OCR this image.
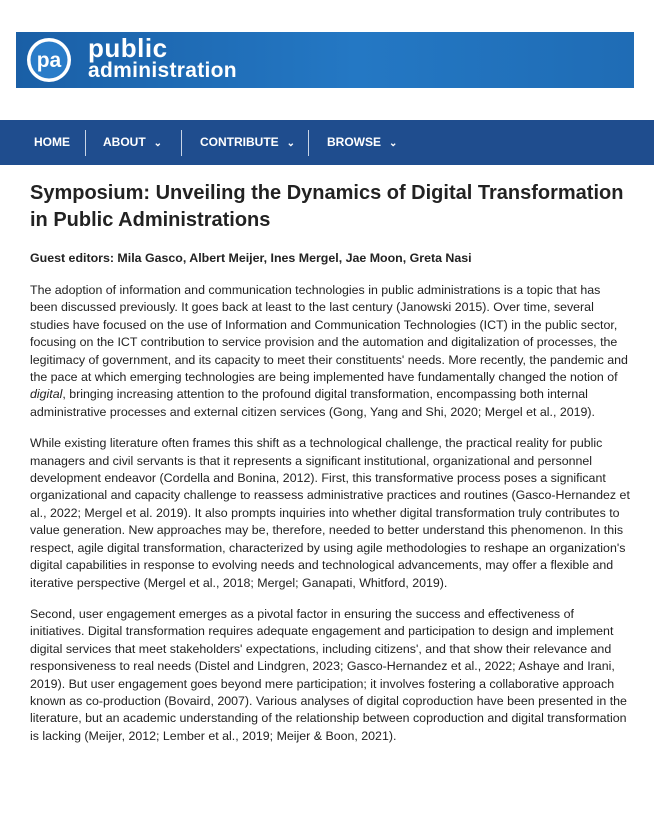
pa public
administration
HOME	ABOUT ⌄	CONTRIBUTE ⌄	BROWSE ⌄
Symposium: Unveiling the Dynamics of Digital Transformation in Public Administrations
Guest editors: Mila Gasco, Albert Meijer, Ines Mergel, Jae Moon, Greta Nasi

The adoption of information and communication technologies in public administrations is a topic that has been discussed previously. It goes back at least to the last century (Janowski 2015). Over time, several studies have focused on the use of Information and Communication Technologies (ICT) in the public sector, focusing on the ICT contribution to service provision and the automation and digitalization of processes, the legitimacy of government, and its capacity to meet their constituents' needs. More recently, the pandemic and the pace at which emerging technologies are being implemented have fundamentally changed the notion of digital, bringing increasing attention to the profound digital transformation, encompassing both internal administrative processes and external citizen services (Gong, Yang and Shi, 2020; Mergel et al., 2019).

While existing literature often frames this shift as a technological challenge, the practical reality for public managers and civil servants is that it represents a significant institutional, organizational and personnel development endeavor (Cordella and Bonina, 2012). First, this transformative process poses a significant organizational and capacity challenge to reassess administrative practices and routines (Gasco-Hernandez et al., 2022; Mergel et al. 2019). It also prompts inquiries into whether digital transformation truly contributes to value generation. New approaches may be, therefore, needed to better understand this phenomenon. In this respect, agile digital transformation, characterized by using agile methodologies to reshape an organization's digital capabilities in response to evolving needs and technological advancements, may offer a flexible and iterative perspective (Mergel et al., 2018; Mergel; Ganapati, Whitford, 2019).

Second, user engagement emerges as a pivotal factor in ensuring the success and effectiveness of initiatives. Digital transformation requires adequate engagement and participation to design and implement digital services that meet stakeholders' expectations, including citizens', and that show their relevance and responsiveness to real needs (Distel and Lindgren, 2023; Gasco-Hernandez et al., 2022; Ashaye and Irani, 2019). But user engagement goes beyond mere participation; it involves fostering a collaborative approach known as co-production (Bovaird, 2007). Various analyses of digital coproduction have been presented in the literature, but an academic understanding of the relationship between coproduction and digital transformation is lacking (Meijer, 2012; Lember et al., 2019; Meijer & Boon, 2021).
